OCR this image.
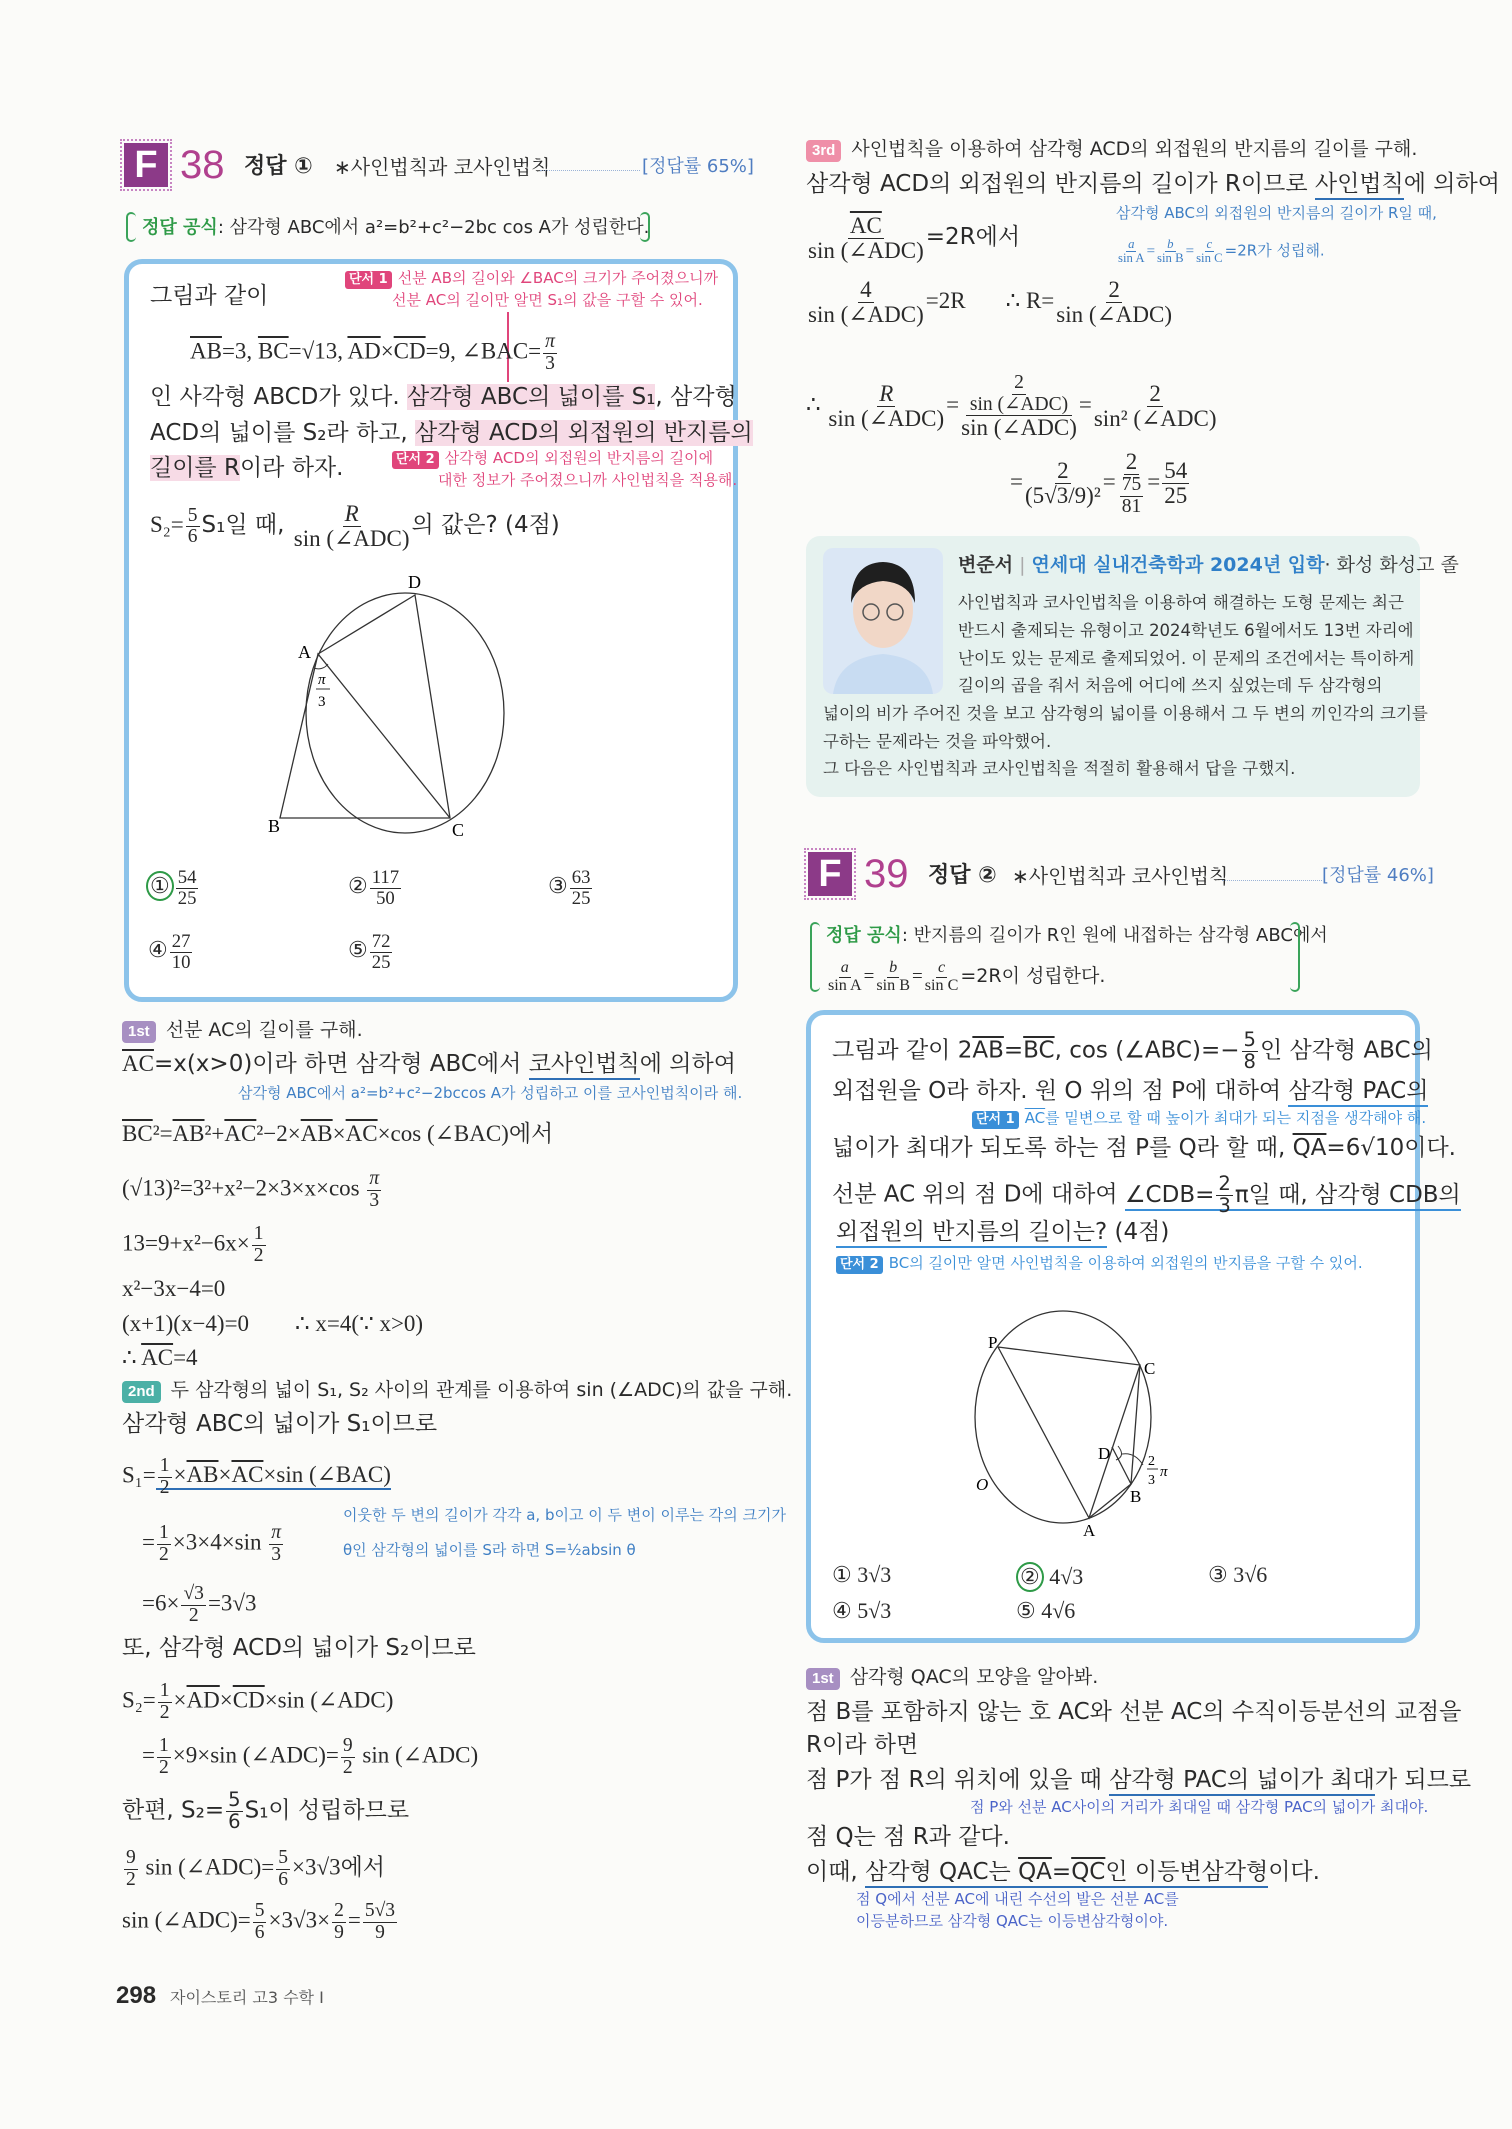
F 38 정답 ① ∗사인법칙과 코사인법칙	[정답률 65%]
정답 공식: 삼각형 ABC에서 a²=b²+c²−2bc cos A가 성립한다.
그림과 같이
단서 1 선분 AB의 길이와 ∠BAC의 크기가 주어졌으니까
선분 AC의 길이만 알면 S₁의 값을 구할 수 있어.
$\overline{AB}=3$, $\overline{BC}=√13$, $\overline{AD}\times\overline{CD}=9$, ∠BAC= $\frac{\pi}{3}$
인 사각형 ABCD가 있다. 삼각형 ABC의 넓이를 S₁, 삼각형
ACD의 넓이를 S₂라 하고, 삼각형 ACD의 외접원의 반지름의
길이를 R이라 하자.	단서 2 삼각형 ACD의 외접원의 반지름의 길이에
대한 정보가 주어졌으니까 사인법칙을 적용해.
$S_2= \frac{5}{6} S_1$일 때, R
sin (∠ADC)
의 값은? (4점)
D
A
B	C
π
3
① $\frac{54}{25}$	② $\frac{117}{50}$	③ $\frac{63}{25}$
④ $\frac{27}{10}$	⑤ $\frac{72}{25}$
1st 선분 AC의 길이를 구해.
$\overline{AC}=x(x>0)$이라 하면 삼각형 ABC에서 코사인법칙에 의하여
삼각형 ABC에서 a²=b²+c²−2bccos A가 성립하고 이를 코사인법칙이라 해.
$\overline{BC}^2=\overline{AB}^2+\overline{AC}^2-2\times\overline{AB}\times\overline{AC}\times\cos$ (∠BAC)에서
$(√13)^2=3^2+x^2-2\times 3\times x\times\cos \frac{\pi}{3}$
$13=9+x^2-6x\times \frac{1}{2}$
x²−3x−4=0
(x+1)(x−4)=0        ∴ x=4(∵ x>0)
∴ $\overline{AC}=4$
2nd 두 삼각형의 넓이 S₁, S₂ 사이의 관계를 이용하여 sin (∠ADC)의 값을 구해.
삼각형 ABC의 넓이가 S₁이므로
$S_1= \frac{1}{2} \times\overline{AB}\times\overline{AC}\times\sin$ (∠BAC)
= $\frac{1}{2} \times 3\times 4\times\sin \frac{\pi}{3}$
이웃한 두 변의 길이가 각각 a, b이고 이 두 변이 이루는 각의 크기가
θ인 삼각형의 넓이를 S라 하면 S=½absin θ
$=6\times \frac{√3}{2} =3√3$
또, 삼각형 ACD의 넓이가 S₂이므로
$S_2= \frac{1}{2} \times\overline{AD}\times\overline{CD}\times\sin$ (∠ADC)
= $\frac{1}{2} \times 9\times\sin$ (∠ADC)= $\frac{9}{2}$ sin (∠ADC)
한편, $S_2= \frac{5}{6} S_1$이 성립하므로
$\frac{9}{2}$ sin (∠ADC)= $\frac{5}{6} \times 3√3$에서
sin (∠ADC)= $\frac{5}{6} \times 3√3\times \frac{2}{9} = \frac{5√3}{9}$
298 자이스토리 고3 수학 I
3rd 사인법칙을 이용하여 삼각형 ACD의 외접원의 반지름의 길이를 구해.
삼각형 ACD의 외접원의 반지름의 길이가 R이므로 사인법칙에 의하여
삼각형 ABC의 외접원의 반지름의 길이가 R일 때,
$\frac{a}{\text{sin A}} = \frac{b}{\text{sin B}} = \frac{c}{\text{sin C}} =2R$가 성립해.
$\overline{AC}$
sin (∠ADC)
=2R에서
4
sin (∠ADC)
=2R ∴ R= 2
sin (∠ADC)
∴ R
sin (∠ADC)
=
2
sin (∠ADC)
sin (∠ADC)
=	2
sin² (∠ADC)
= $\frac{2}{\text{(5√3/9)²}} = \frac{2}{\frac{75}{81}} = \frac{54}{25}$
변준서 | 연세대 실내건축학과 2024년 입학· 화성 화성고 졸
사인법칙과 코사인법칙을 이용하여 해결하는 도형 문제는 최근
반드시 출제되는 유형이고 2024학년도 6월에서도 13번 자리에
난이도 있는 문제로 출제되었어. 이 문제의 조건에서는 특이하게
길이의 곱을 줘서 처음에 어디에 쓰지 싶었는데 두 삼각형의
넓이의 비가 주어진 것을 보고 삼각형의 넓이를 이용해서 그 두 변의 끼인각의 크기를
구하는 문제라는 것을 파악했어.
그 다음은 사인법칙과 코사인법칙을 적절히 활용해서 답을 구했지.
F 39 정답 ② ∗사인법칙과 코사인법칙	[정답률 46%]
정답 공식: 반지름의 길이가 R인 원에 내접하는 삼각형 ABC에서
$\frac{a}{\text{sin A}} = \frac{b}{\text{sin B}} = \frac{c}{\text{sin C}} =2R$이 성립한다.
그림과 같이 $2\overline{AB}=\overline{BC}$, cos (∠ABC)=− $\frac{5}{8}$ 인 삼각형 ABC의
외접원을 O라 하자. 원 O 위의 점 P에 대하여 삼각형 PAC의
단서 1 $\overline{AC}$를 밑변으로 할 때 높이가 최대가 되는 지점을 생각해야 해.
넓이가 최대가 되도록 하는 점 P를 Q라 할 때, $\overline{QA}=6√10$이다.
선분 AC 위의 점 D에 대하여 ∠CDB= $\frac{2}{3}$ π일 때, 삼각형 CDB의
외접원의 반지름의 길이는? (4점)
단서 2 BC의 길이만 알면 사인법칙을 이용하여 외접원의 반지름을 구할 수 있어.
P
C
D
B
A
O
2
3
π
① 3√3	② 4√3	③ 3√6
④ 5√3	⑤ 4√6
1st 삼각형 QAC의 모양을 알아봐.
점 B를 포함하지 않는 호 AC와 선분 AC의 수직이등분선의 교점을
R이라 하면
점 P가 점 R의 위치에 있을 때 삼각형 PAC의 넓이가 최대가 되므로
점 P와 선분 AC사이의 거리가 최대일 때 삼각형 PAC의 넓이가 최대야.
점 Q는 점 R과 같다.
이때, 삼각형 QAC는 $\overline{QA}=\overline{QC}$인 이등변삼각형이다.
점 Q에서 선분 AC에 내린 수선의 발은 선분 AC를
이등분하므로 삼각형 QAC는 이등변삼각형이야.
